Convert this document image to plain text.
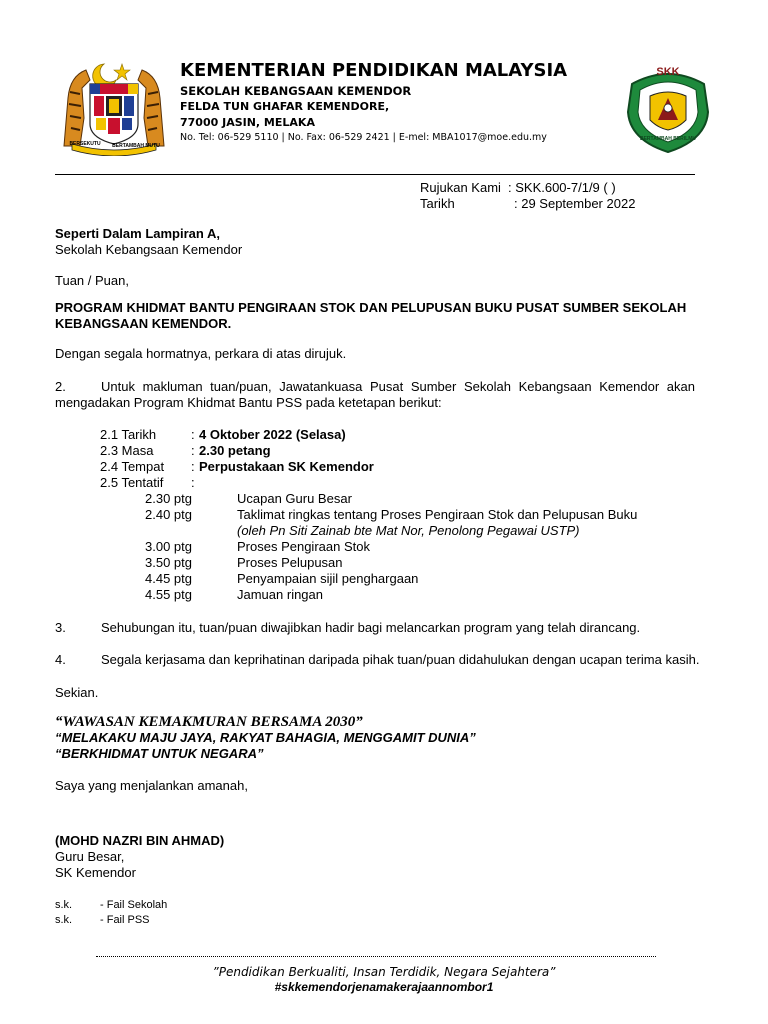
BERSEKUTU	BERTAMBAH MUTU
KEMENTERIAN PENDIDIKAN MALAYSIA
SEKOLAH KEBANGSAAN KEMENDOR
FELDA TUN GHAFAR KEMENDORE,
77000 JASIN, MELAKA
No. Tel: 06-529 5110 | No. Fax: 06-529 2421 | E-mel: MBA1017@moe.edu.my
SKK
BERTAMBAH BERILMU
Rujukan Kami : SKK.600-7/1/9 ( )
Tarikh	: 29 September 2022
Seperti Dalam Lampiran A,
Sekolah Kebangsaan Kemendor
Tuan / Puan,
PROGRAM KHIDMAT BANTU PENGIRAAN STOK DAN PELUPUSAN BUKU PUSAT SUMBER SEKOLAH KEBANGSAAN KEMENDOR.
Dengan segala hormatnya, perkara di atas dirujuk.
2.	Untuk makluman tuan/puan, Jawatankuasa Pusat Sumber Sekolah Kebangsaan Kemendor akan mengadakan Program Khidmat Bantu PSS pada ketetapan berikut:
2.1 Tarikh	: 4 Oktober 2022 (Selasa)
2.3 Masa	: 2.30 petang
2.4 Tempat : Perpustakaan SK Kemendor
2.5 Tentatif :
2.30 ptg	Ucapan Guru Besar
2.40 ptg	Taklimat ringkas tentang Proses Pengiraan Stok dan Pelupusan Buku
(oleh Pn Siti Zainab bte Mat Nor, Penolong Pegawai USTP)
3.00 ptg	Proses Pengiraan Stok
3.50 ptg	Proses Pelupusan
4.45 ptg	Penyampaian sijil penghargaan
4.55 ptg	Jamuan ringan
3.	Sehubungan itu, tuan/puan diwajibkan hadir bagi melancarkan program yang telah dirancang.
4.	Segala kerjasama dan keprihatinan daripada pihak tuan/puan didahulukan dengan ucapan terima kasih.
Sekian.
“WAWASAN KEMAKMURAN BERSAMA 2030”
“MELAKAKU MAJU JAYA, RAKYAT BAHAGIA, MENGGAMIT DUNIA”
“BERKHIDMAT UNTUK NEGARA”
Saya yang menjalankan amanah,
(MOHD NAZRI BIN AHMAD)
Guru Besar,
SK Kemendor
s.k.	- Fail Sekolah
s.k.	- Fail PSS
”Pendidikan Berkualiti, Insan Terdidik, Negara Sejahtera”
#skkemendorjenamakerajaannombor1
